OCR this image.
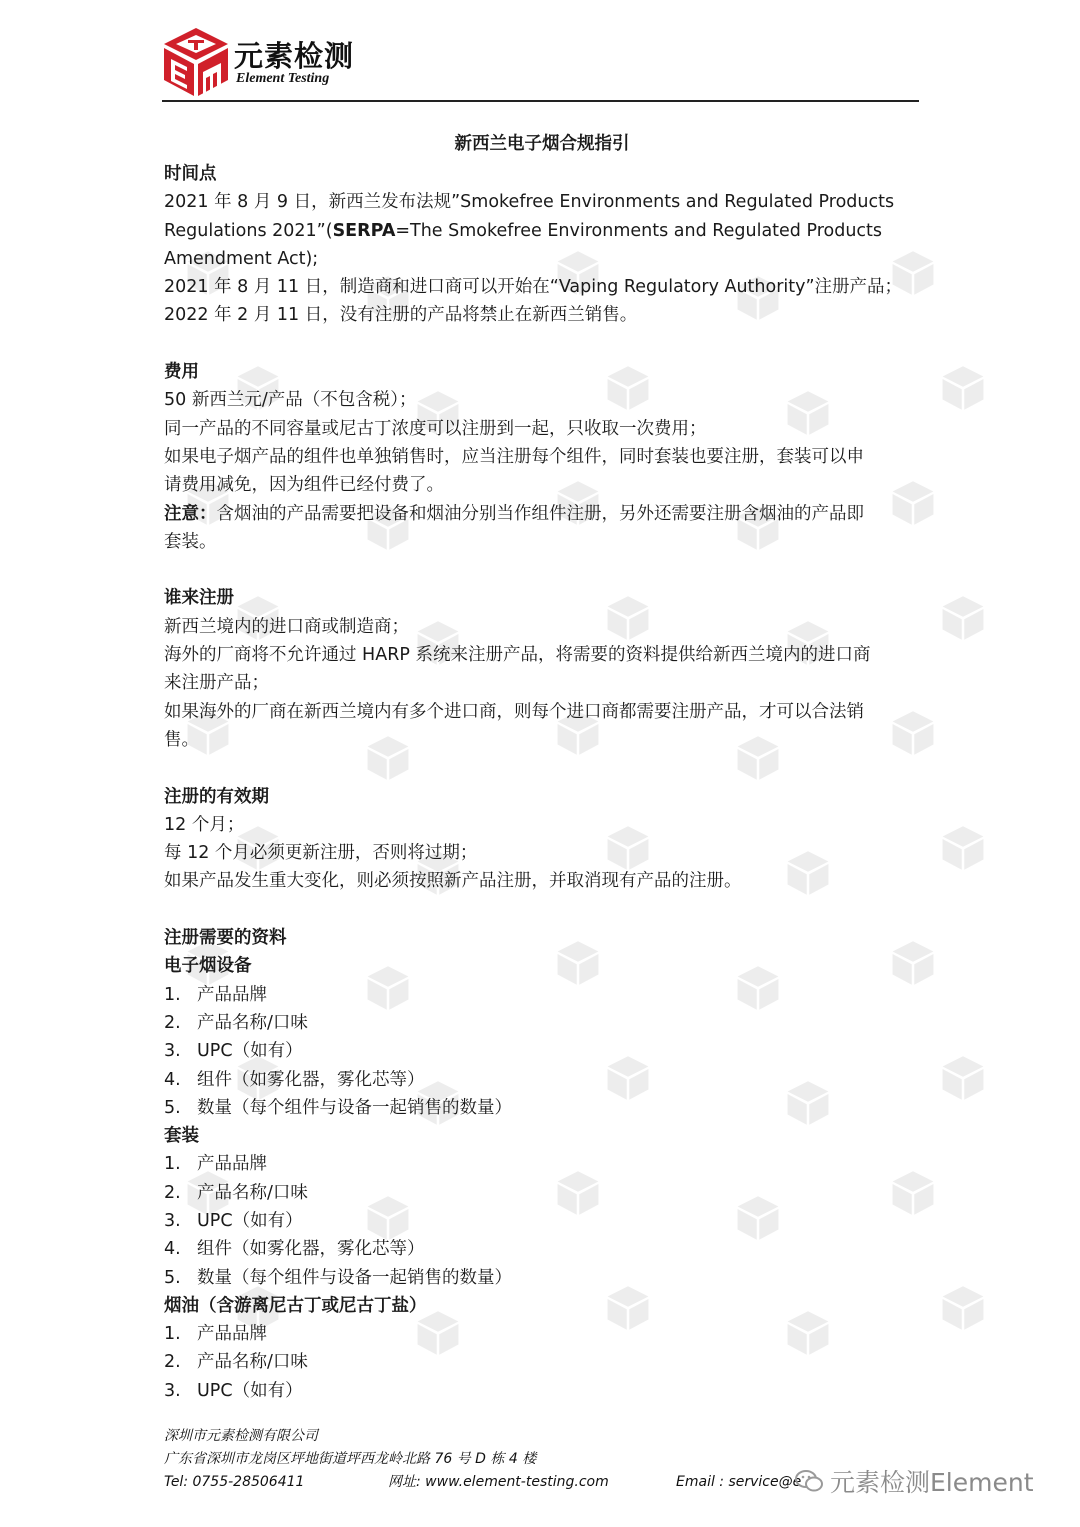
元素检测
Element Testing
新西兰电子烟合规指引
时间点
2021 年 8 月 9 日，新西兰发布法规”Smokefree Environments and Regulated Products
Regulations 2021”(SERPA=The Smokefree Environments and Regulated Products
Amendment Act);
2021 年 8 月 11 日，制造商和进口商可以开始在“Vaping Regulatory Authority”注册产品；
2022 年 2 月 11 日，没有注册的产品将禁止在新西兰销售。
费用
50 新西兰元/产品（不包含税）；
同一产品的不同容量或尼古丁浓度可以注册到一起，只收取一次费用；
如果电子烟产品的组件也单独销售时，应当注册每个组件，同时套装也要注册，套装可以申
请费用减免，因为组件已经付费了。
注意：含烟油的产品需要把设备和烟油分别当作组件注册，另外还需要注册含烟油的产品即
套装。
谁来注册
新西兰境内的进口商或制造商；
海外的厂商将不允许通过 HARP 系统来注册产品，将需要的资料提供给新西兰境内的进口商
来注册产品；
如果海外的厂商在新西兰境内有多个进口商，则每个进口商都需要注册产品，才可以合法销
售。
注册的有效期
12 个月；
每 12 个月必须更新注册，否则将过期；
如果产品发生重大变化，则必须按照新产品注册，并取消现有产品的注册。
注册需要的资料
电子烟设备
1. 产品品牌
2. 产品名称/口味
3. UPC（如有）
4. 组件（如雾化器，雾化芯等）
5. 数量（每个组件与设备一起销售的数量）
套装
1. 产品品牌
2. 产品名称/口味
3. UPC（如有）
4. 组件（如雾化器，雾化芯等）
5. 数量（每个组件与设备一起销售的数量）
烟油（含游离尼古丁或尼古丁盐）
1. 产品品牌
2. 产品名称/口味
3. UPC（如有）
深圳市元素检测有限公司
广东省深圳市龙岗区坪地街道坪西龙岭北路 76 号 D 栋 4 楼
Tel: 0755-28506411	网址: www.element-testing.com	Email : service@e 元素检测Element
